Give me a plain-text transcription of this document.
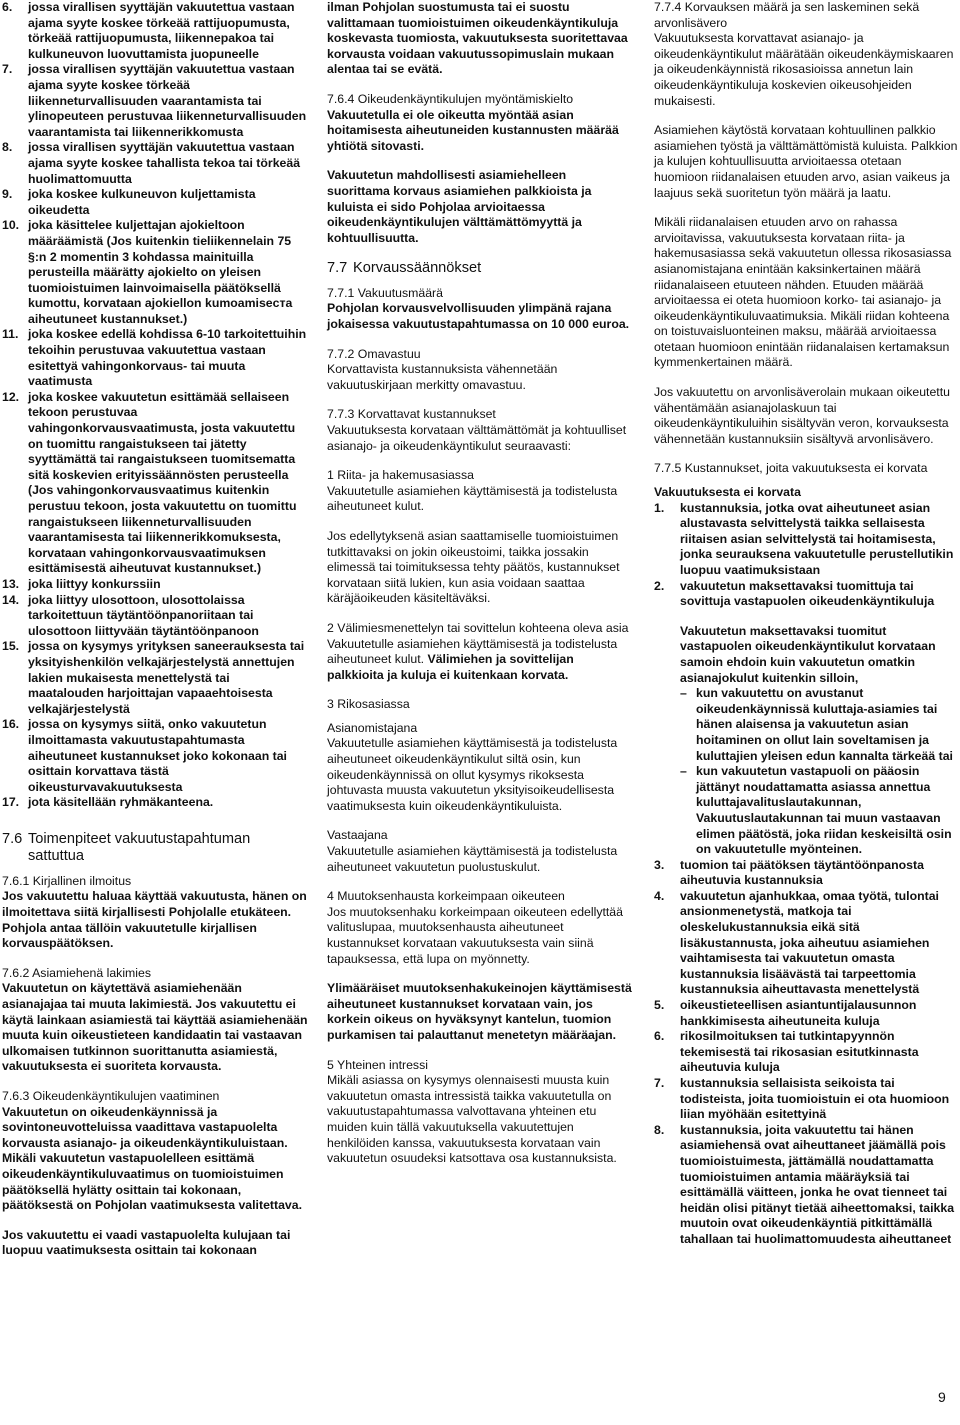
6.	jossa virallisen syyttäjän vakuutettua vastaan ajama syyte koskee törkeää rattijuopumusta, törkeää rattijuopumusta, liikennepakoa tai kulkuneuvon luovuttamista juopuneelle
7.	jossa virallisen syyttäjän vakuutettua vastaan ajama syyte koskee törkeää liikenneturvallisuuden vaarantamista tai ylinopeuteen perustuvaa liikenneturvallisuuden vaarantamista tai liikennerikkomusta
8.	jossa virallisen syyttäjän vakuutettua vastaan ajama syyte koskee tahallista tekoa tai törkeää huolimattomuutta
9.	joka koskee kulkuneuvon kuljettamista oikeudetta
10. joka käsittelee kuljettajan ajokieltoon määräämistä (Jos kuitenkin tieliikennelain 75 §:n 2 momentin 3 kohdassa mainituilla perusteilla määrätty ajokielto on yleisen tuomioistuimen lainvoimaisella päätöksellä kumottu, korvataan ajokiellon kumoamiseста aiheutuneet kustannukset.)
11. joka koskee edellä kohdissa 6-10 tarkoitettuihin tekoihin perustuvaa vakuutettua vastaan esitettyä vahingonkorvaus- tai muuta vaatimusta
12. joka koskee vakuutetun esittämää sellaiseen tekoon perustuvaa vahingonkorvausvaatimusta, josta vakuutettu on tuomittu rangaistukseen tai jätetty syyttämättä tai rangaistukseen tuomitsematta sitä koskevien erityissäännösten perusteella (Jos vahingonkorvausvaatimus kuitenkin perustuu tekoon, josta vakuutettu on tuomittu rangaistukseen liikenneturvallisuuden vaarantamisesta tai liikennerikkomuksesta, korvataan vahingonkorvausvaatimuksen esittämisestä aiheutuvat kustannukset.)
13. joka liittyy konkurssiin
14. joka liittyy ulosottoon, ulosottolaissa tarkoitettuun täytäntöönpanoriitaan tai ulosottoon liittyvään täytäntöönpanoon
15. jossa on kysymys yrityksen saneerauksesta tai yksityishenkilön velkajärjestelystä annettujen lakien mukaisesta menettelystä tai maatalouden harjoittajan vapaaehtoisesta velkajärjestelystä
16. jossa on kysymys siitä, onko vakuutetun ilmoittamasta vakuutustapahtumasta aiheutuneet kustannukset joko kokonaan tai osittain korvattava tästä oikeusturvavakuutuksesta
17. jota käsitellään ryhmäkanteena.
7.6 Toimenpiteet vakuutustapahtuman sattuttua
7.6.1 Kirjallinen ilmoitus

Jos vakuutettu haluaa käyttää vakuutusta, hänen on ilmoitettava siitä kirjallisesti Pohjolalle etukäteen. Pohjola antaa tällöin vakuutetulle kirjallisen korvauspäätöksen.

7.6.2 Asiamiehenä lakimies

Vakuutetun on käytettävä asiamiehenään asianajajaa tai muuta lakimiestä. Jos vakuutettu ei käytä lainkaan asiamiestä tai käyttää asiamiehenään muuta kuin oikeustieteen kandidaatin tai vastaavan ulkomaisen tutkinnon suorittanutta asiamiestä, vakuutuksesta ei suoriteta korvausta.

7.6.3 Oikeudenkäyntikulujen vaatiminen

Vakuutetun on oikeudenkäynnissä ja sovintoneuvotteluissa vaadittava vastapuolelta korvausta asianajo- ja oikeudenkäyntikuluistaan. Mikäli vakuutetun vastapuolelleen esittämä oikeudenkäyntikuluvaatimus on tuomioistuimen päätöksellä hylätty osittain tai kokonaan, päätöksestä on Pohjolan vaatimuksesta valitettava.

Jos vakuutettu ei vaadi vastapuolelta kulujaan tai luopuu vaatimuksesta osittain tai kokonaan

ilman Pohjolan suostumusta tai ei suostu valittamaan tuomioistuimen oikeudenkäyntikuluja koskevasta tuomiosta, vakuutuksesta suoritettavaa korvausta voidaan vakuutussopimuslain mukaan alentaa tai se evätä.

7.6.4 Oikeudenkäyntikulujen myöntämiskielto

Vakuutetulla ei ole oikeutta myöntää asian hoitamisesta aiheutuneiden kustannusten määrää yhtiötä sitovasti.

Vakuutetun mahdollisesti asiamiehelleen suorittama korvaus asiamiehen palkkioista ja kuluista ei sido Pohjolaa arvioitaessa oikeudenkäyntikulujen välttämättömyyttä ja kohtuullisuutta.

7.7 Korvaussäännökset
7.7.1 Vakuutusmäärä

Pohjolan korvausvelvollisuuden ylimpänä rajana jokaisessa vakuutustapahtumassa on 10 000 euroa.

7.7.2 Omavastuu

Korvattavista kustannuksista vähennetään vakuutuskirjaan merkitty omavastuu.

7.7.3 Korvattavat kustannukset

Vakuutuksesta korvataan välttämättömät ja kohtuulliset asianajo- ja oikeudenkäyntikulut seuraavasti:

1 Riita- ja hakemusasiassa

Vakuutetulle asiamiehen käyttämisestä ja todistelusta aiheutuneet kulut.

Jos edellytyksenä asian saattamiselle tuomioistuimen tutkittavaksi on jokin oikeustoimi, taikka jossakin elimessä tai toimituksessa tehty päätös, kustannukset korvataan siitä lukien, kun asia voidaan saattaa käräjäoikeuden käsiteltäväksi.

2 Välimiesmenettelyn tai sovittelun kohteena oleva asia

Vakuutetulle asiamiehen käyttämisestä ja todistelusta aiheutuneet kulut. Välimiehen ja sovittelijan palkkioita ja kuluja ei kuitenkaan korvata.

3 Rikosasiassa
Asianomistajana

Vakuutetulle asiamiehen käyttämisestä ja todistelusta aiheutuneet oikeudenkäyntikulut siltä osin, kun oikeudenkäynnissä on ollut kysymys rikoksesta johtuvasta muusta vakuutetun yksityisoikeudellisesta vaatimuksesta kuin oikeudenkäyntikuluista.

Vastaajana

Vakuutetulle asiamiehen käyttämisestä ja todistelusta aiheutuneet vakuutetun puolustuskulut.

4 Muutoksenhausta korkeimpaan oikeuteen

Jos muutoksenhaku korkeimpaan oikeuteen edellyttää valituslupaa, muutoksenhausta aiheutuneet kustannukset korvataan vakuutuksesta vain siinä tapauksessa, että lupa on myönnetty.

Ylimääräiset muutoksenhakukeinojen käyttämisestä aiheutuneet kustannukset korvataan vain, jos korkein oikeus on hyväksynyt kantelun, tuomion purkamisen tai palauttanut menetetyn määräajan.

5 Yhteinen intressi

Mikäli asiassa on kysymys olennaisesti muusta kuin vakuutetun omasta intressistä taikka vakuutetulla on vakuutustapahtumassa valvottavana yhteinen etu muiden kuin tällä vakuutuksella vakuutettujen henkilöiden kanssa, vakuutuksesta korvataan vain vakuutetun osuudeksi katsottava osa kustannuksista.

7.7.4 Korvauksen määrä ja sen laskeminen sekä arvonlisävero

Vakuutuksesta korvattavat asianajo- ja oikeudenkäyntikulut määrätään oikeudenkäymiskaaren ja oikeudenkäynnistä rikosasioissa annetun lain oikeudenkäyntikuluja koskevien oikeusohjeiden mukaisesti.

Asiamiehen käytöstä korvataan kohtuullinen palkkio asiamiehen työstä ja välttämättömistä kuluista. Palkkion ja kulujen kohtuullisuutta arvioitaessa otetaan huomioon riidanalaisen etuuden arvo, asian vaikeus ja laajuus sekä suoritetun työn määrä ja laatu.

Mikäli riidanalaisen etuuden arvo on rahassa arvioitavissa, vakuutuksesta korvataan riita- ja hakemusasiassa sekä vakuutetun ollessa rikosasiassa asianomistajana enintään kaksinkertainen määrä riidanalaiseen etuuteen nähden. Etuuden määrää arvioitaessa ei oteta huomioon korko- tai asianajo- ja oikeudenkäyntikuluvaatimuksia. Mikäli riidan kohteena on toistuvaisluonteinen maksu, määrää arvioitaessa otetaan huomioon enintään riidanalaisen kertamaksun kymmenkertainen määrä.

Jos vakuutettu on arvonlisäverolain mukaan oikeutettu vähentämään asianajolaskuun tai oikeudenkäyntikuluihin sisältyvän veron, korvauksesta vähennetään kustannuksiin sisältyvä arvonlisävero.

7.7.5 Kustannukset, joita vakuutuksesta ei korvata

Vakuutuksesta ei korvata

1.	kustannuksia, jotka ovat aiheutuneet asian alustavasta selvittelystä taikka sellaisesta riitaisen asian selvittelystä tai hoitamisesta, jonka seurauksena vakuutetulle perustellutikin luopuu vaatimuksistaan
2.	vakuutetun maksettavaksi tuomittuja tai sovittuja vastapuolen oikeudenkäyntikuluja

Vakuutetun maksettavaksi tuomitut vastapuolen oikeudenkäyntikulut korvataan samoin ehdoin kuin vakuutetun omatkin asianajokulut kuitenkin silloin,

– kun vakuutettu on avustanut oikeudenkäynnissä kuluttaja-asiamies tai hänen alaisensa ja vakuutetun asian hoitaminen on ollut lain soveltamisen ja kuluttajien yleisen edun kannalta tärkeää tai
– kun vakuutetun vastapuoli on pääosin jättänyt noudattamatta asiassa annettua kuluttajavalituslautakunnan, Vakuutuslautakunnan tai muun vastaavan elimen päätöstä, joka riidan keskeisiltä osin on vakuutetulle myönteinen.
3.	tuomion tai päätöksen täytäntöönpanosta aiheutuvia kustannuksia
4.	vakuutetun ajanhukkaa, omaa työtä, tulontai ansionmenetystä, matkoja tai oleskelukustannuksia eikä sitä lisäkustannusta, joka aiheutuu asiamiehen vaihtamisesta tai vakuutetun omasta kustannuksia lisäävästä tai tarpeettomia kustannuksia aiheuttavasta menettelystä
5.	oikeustieteellisen asiantuntijalausunnon hankkimisesta aiheutuneita kuluja
6.	rikosilmoituksen tai tutkintapyynnön tekemisestä tai rikosasian esitutkinnasta aiheutuvia kuluja
7.	kustannuksia sellaisista seikoista tai todisteista, joita tuomioistuin ei ota huomioon liian myöhään esitettyinä
8.	kustannuksia, joita vakuutettu tai hänen asiamiehensä ovat aiheuttaneet jäämällä pois tuomioistuimesta, jättämällä noudattamatta tuomioistuimen antamia määräyksiä tai esittämällä väitteen, jonka he ovat tienneet tai heidän olisi pitänyt tietää aiheettomaksi, taikka muutoin ovat oikeudenkäyntiä pitkittämällä tahallaan tai huolimattomuudesta aiheuttaneet
9
